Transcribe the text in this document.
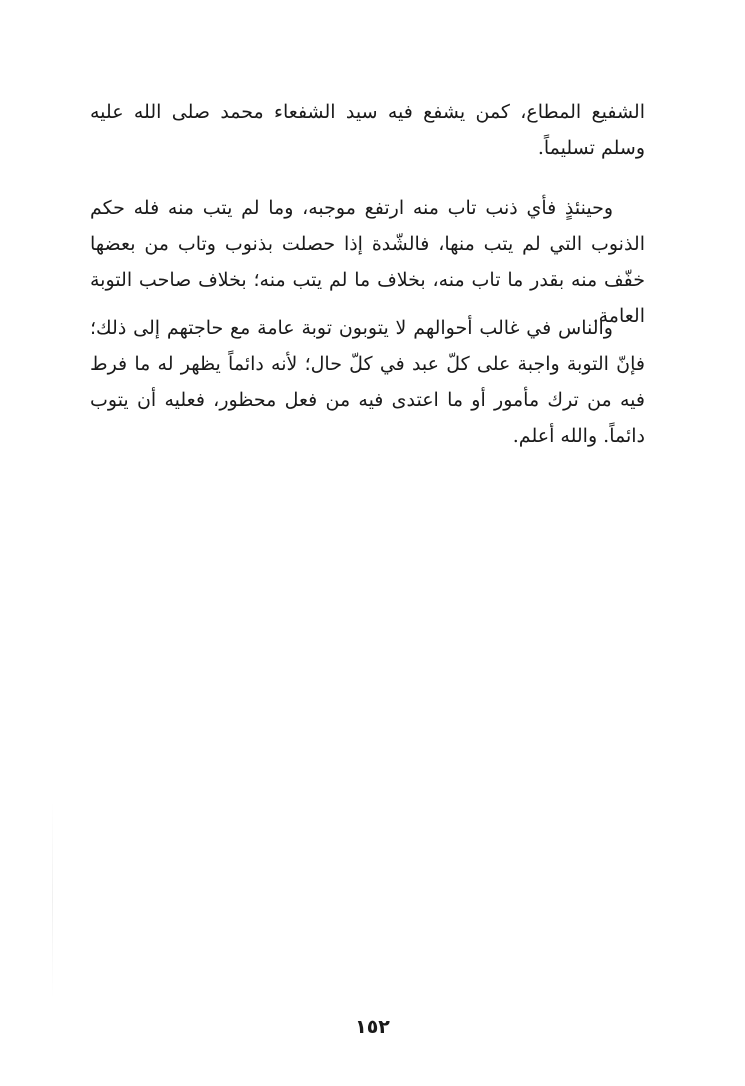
الشفيع المطاع، كمن يشفع فيه سيد الشفعاء محمد صلى الله عليه وسلم تسليماً.

وحينئذٍ فأي ذنب تاب منه ارتفع موجبه، وما لم يتب منه فله حكم الذنوب التي لم يتب منها، فالشّدة إذا حصلت بذنوب وتاب من بعضها خفّف منه بقدر ما تاب منه، بخلاف ما لم يتب منه؛ بخلاف صاحب التوبة العامة.

والناس في غالب أحوالهم لا يتوبون توبة عامة مع حاجتهم إلى ذلك؛ فإنّ التوبة واجبة على كلّ عبد في كلّ حال؛ لأنه دائماً يظهر له ما فرط فيه من ترك مأمور أو ما اعتدى فيه من فعل محظور، فعليه أن يتوب دائماً. والله أعلم.

١٥٢
